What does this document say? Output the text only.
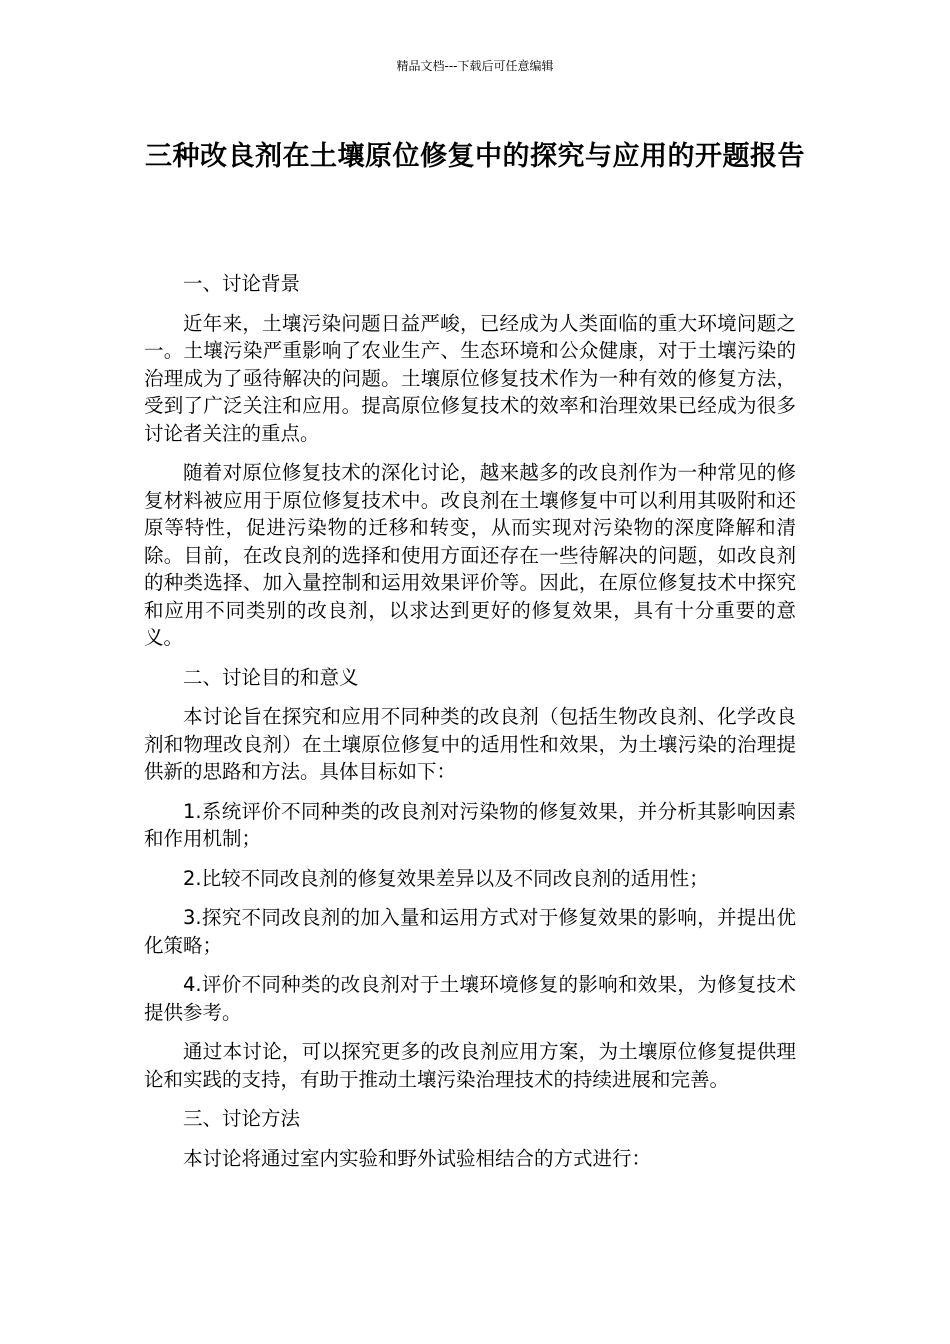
精品文档---下载后可任意编辑
三种改良剂在土壤原位修复中的探究与应用的开题报告

一、讨论背景

近年来，土壤污染问题日益严峻，已经成为人类面临的重大环境问题之一。土壤污染严重影响了农业生产、生态环境和公众健康，对于土壤污染的治理成为了亟待解决的问题。土壤原位修复技术作为一种有效的修复方法，受到了广泛关注和应用。提高原位修复技术的效率和治理效果已经成为很多讨论者关注的重点。

随着对原位修复技术的深化讨论，越来越多的改良剂作为一种常见的修复材料被应用于原位修复技术中。改良剂在土壤修复中可以利用其吸附和还原等特性，促进污染物的迁移和转变，从而实现对污染物的深度降解和清除。目前，在改良剂的选择和使用方面还存在一些待解决的问题，如改良剂的种类选择、加入量控制和运用效果评价等。因此，在原位修复技术中探究和应用不同类别的改良剂，以求达到更好的修复效果，具有十分重要的意义。

二、讨论目的和意义

本讨论旨在探究和应用不同种类的改良剂（包括生物改良剂、化学改良剂和物理改良剂）在土壤原位修复中的适用性和效果，为土壤污染的治理提供新的思路和方法。具体目标如下：

1.系统评价不同种类的改良剂对污染物的修复效果，并分析其影响因素和作用机制；

2.比较不同改良剂的修复效果差异以及不同改良剂的适用性；

3.探究不同改良剂的加入量和运用方式对于修复效果的影响，并提出优化策略；

4.评价不同种类的改良剂对于土壤环境修复的影响和效果，为修复技术提供参考。

通过本讨论，可以探究更多的改良剂应用方案，为土壤原位修复提供理论和实践的支持，有助于推动土壤污染治理技术的持续进展和完善。

三、讨论方法

本讨论将通过室内实验和野外试验相结合的方式进行：
